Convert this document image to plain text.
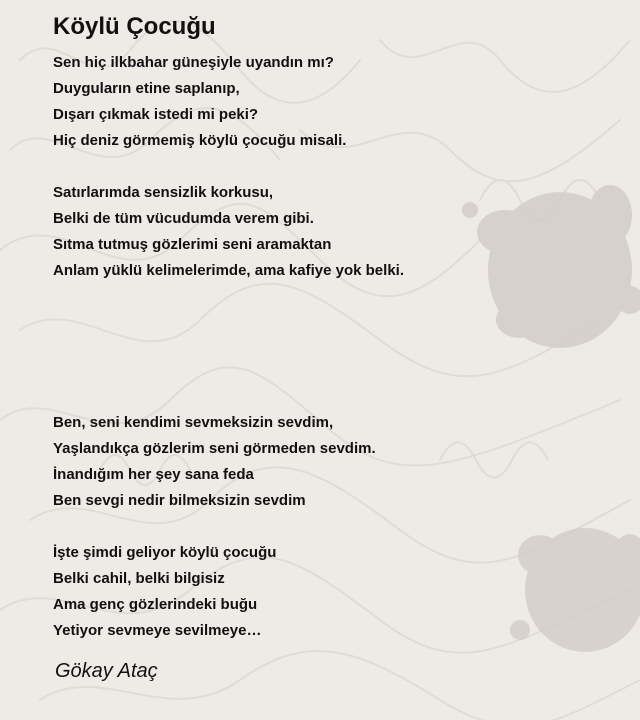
Köylü Çocuğu
Sen hiç ilkbahar güneşiyle uyandın mı?
Duyguların etine saplanıp,
Dışarı çıkmak istedi mi peki?
Hiç deniz görmemiş köylü çocuğu misali.
Satırlarımda sensizlik korkusu,
Belki de tüm vücudumda verem gibi.
Sıtma tutmuş gözlerimi seni aramaktan
Anlam yüklü kelimelerimde, ama kafiye yok belki.
Ben, seni kendimi sevmeksizin sevdim,
Yaşlandıkça gözlerim seni görmeden sevdim.
İnandığım her şey sana feda
Ben sevgi nedir bilmeksizin sevdim
İşte şimdi geliyor köylü çocuğu
Belki cahil, belki bilgisiz
Ama genç gözlerindeki buğu
Yetiyor sevmeye sevilmeye…
Gökay Ataç
